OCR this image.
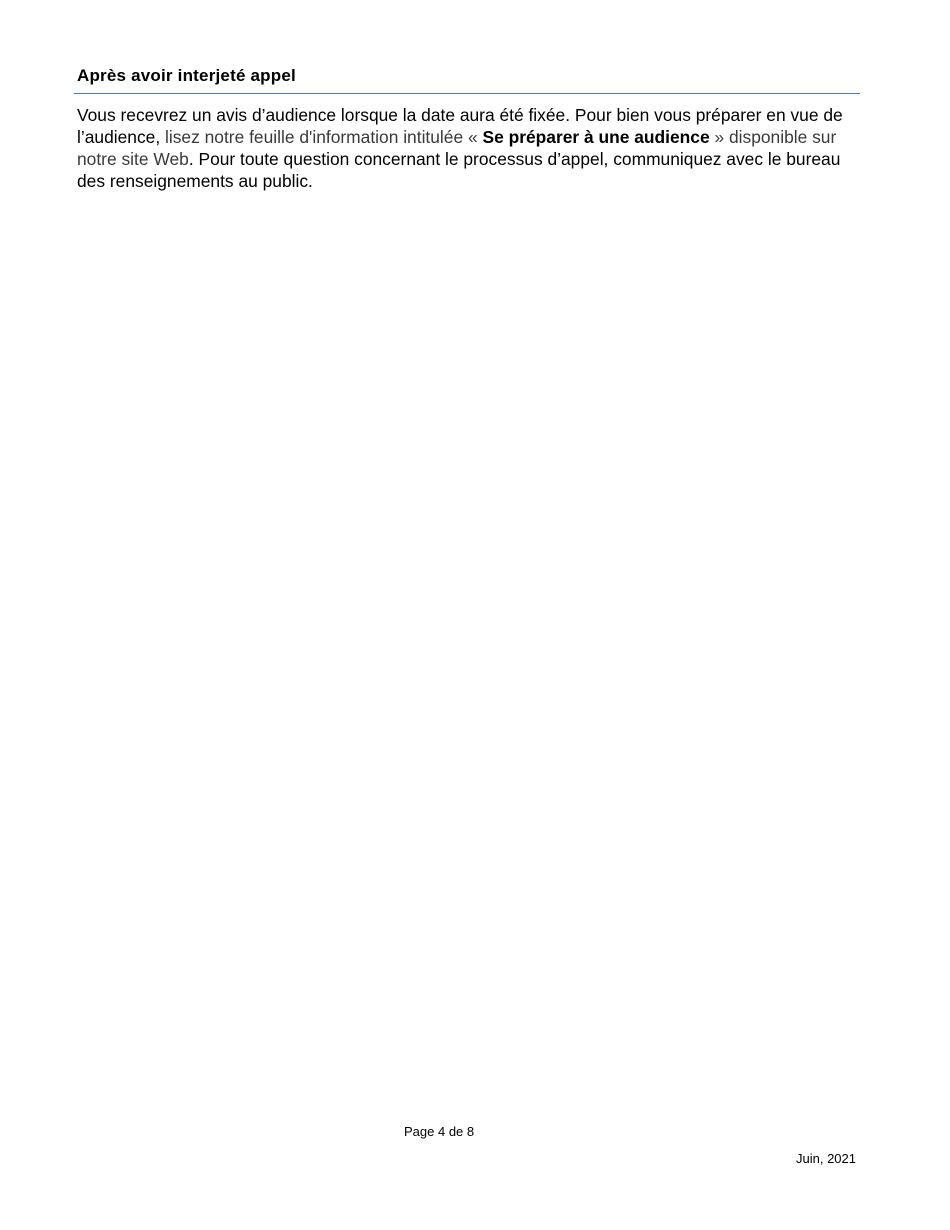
Après avoir interjeté appel

Vous recevrez un avis d’audience lorsque la date aura été fixée. Pour bien vous préparer en vue de l’audience, lisez notre feuille d'information intitulée « Se préparer à une audience » disponible sur notre site Web. Pour toute question concernant le processus d’appel, communiquez avec le bureau des renseignements au public.

Page 4 de 8
Juin, 2021
